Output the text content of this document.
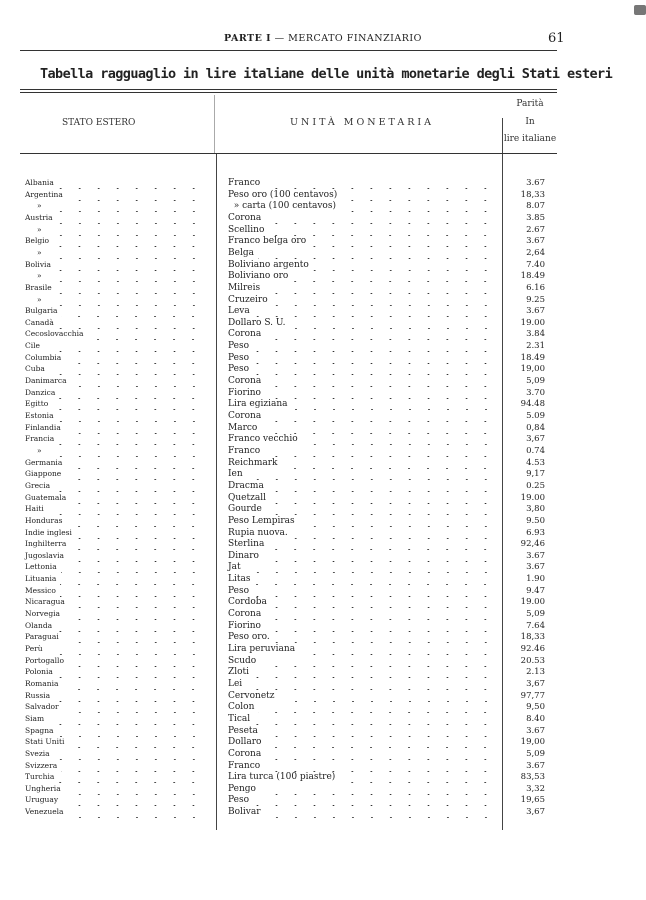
PARTE I — MERCATO FINANZIARIO	61
Tabella ragguaglio in lire italiane delle unità monetarie degli Stati esteri
STATO ESTERO	UNITÀ MONETARIA
Parità
In
lire italiane
Albania	Franco	3.67
Argentina	Peso oro (100 centavos)	18,33
»	» carta (100 centavos)	8.07
Austria	Corona	3.85
»	Scellino	2.67
Belgio	Franco belga oro	3.67
»	Belga	2,64
Bolivia	Boliviano argento	7.40
»	Boliviano oro	18.49
Brasile	Milreis	6.16
»	Cruzeiro	9.25
Bulgaria	Leva	3.67
Canadà	Dollaro S. U.	19.00
Cecoslovacchia	Corona	3.84
Cile	Peso	2.31
Columbia	Peso	18.49
Cuba	Peso	19,00
Danimarca	Corona	5,09
Danzica	Fiorino	3.70
Egitto	Lira egiziana	94.48
Estonia	Corona	5.09
Finlandia	Marco	0,84
Francia	Franco vecchio	3,67
»	Franco	0.74
Germania	Reichmark	4.53
Giappone	Ien	9,17
Grecia	Dracma	0.25
Guatemala	Quetzall	19.00
Haiti	Gourde	3,80
Honduras	Peso Lempiras	9.50
Indie inglesi	Rupia nuova.	6.93
Inghilterra	Sterlina	92,46
Jugoslavia	Dinaro	3.67
Lettonia	Jat	3.67
Lituania	Litas	1.90
Messico	Peso	9.47
Nicaragua	Cordoba	19.00
Norvegia	Corona	5,09
Olanda	Fiorino	7.64
Paraguai	Peso oro.	18,33
Perù	Lira peruviana	92.46
Portogallo	Scudo	20.53
Polonia	Zloti	2.13
Romania	Lei	3,67
Russia	Cervonetz	97,77
Salvador	Colon	9,50
Siam	Tical	8.40
Spagna	Peseta	3.67
Stati Uniti	Dollaro	19,00
Svezia	Corona	5,09
Svizzera	Franco	3.67
Turchia	Lira turca (100 piastre)	83,53
Ungheria	Pengo	3,32
Uruguay	Peso	19,65
Venezuela	Bolivar	3,67
